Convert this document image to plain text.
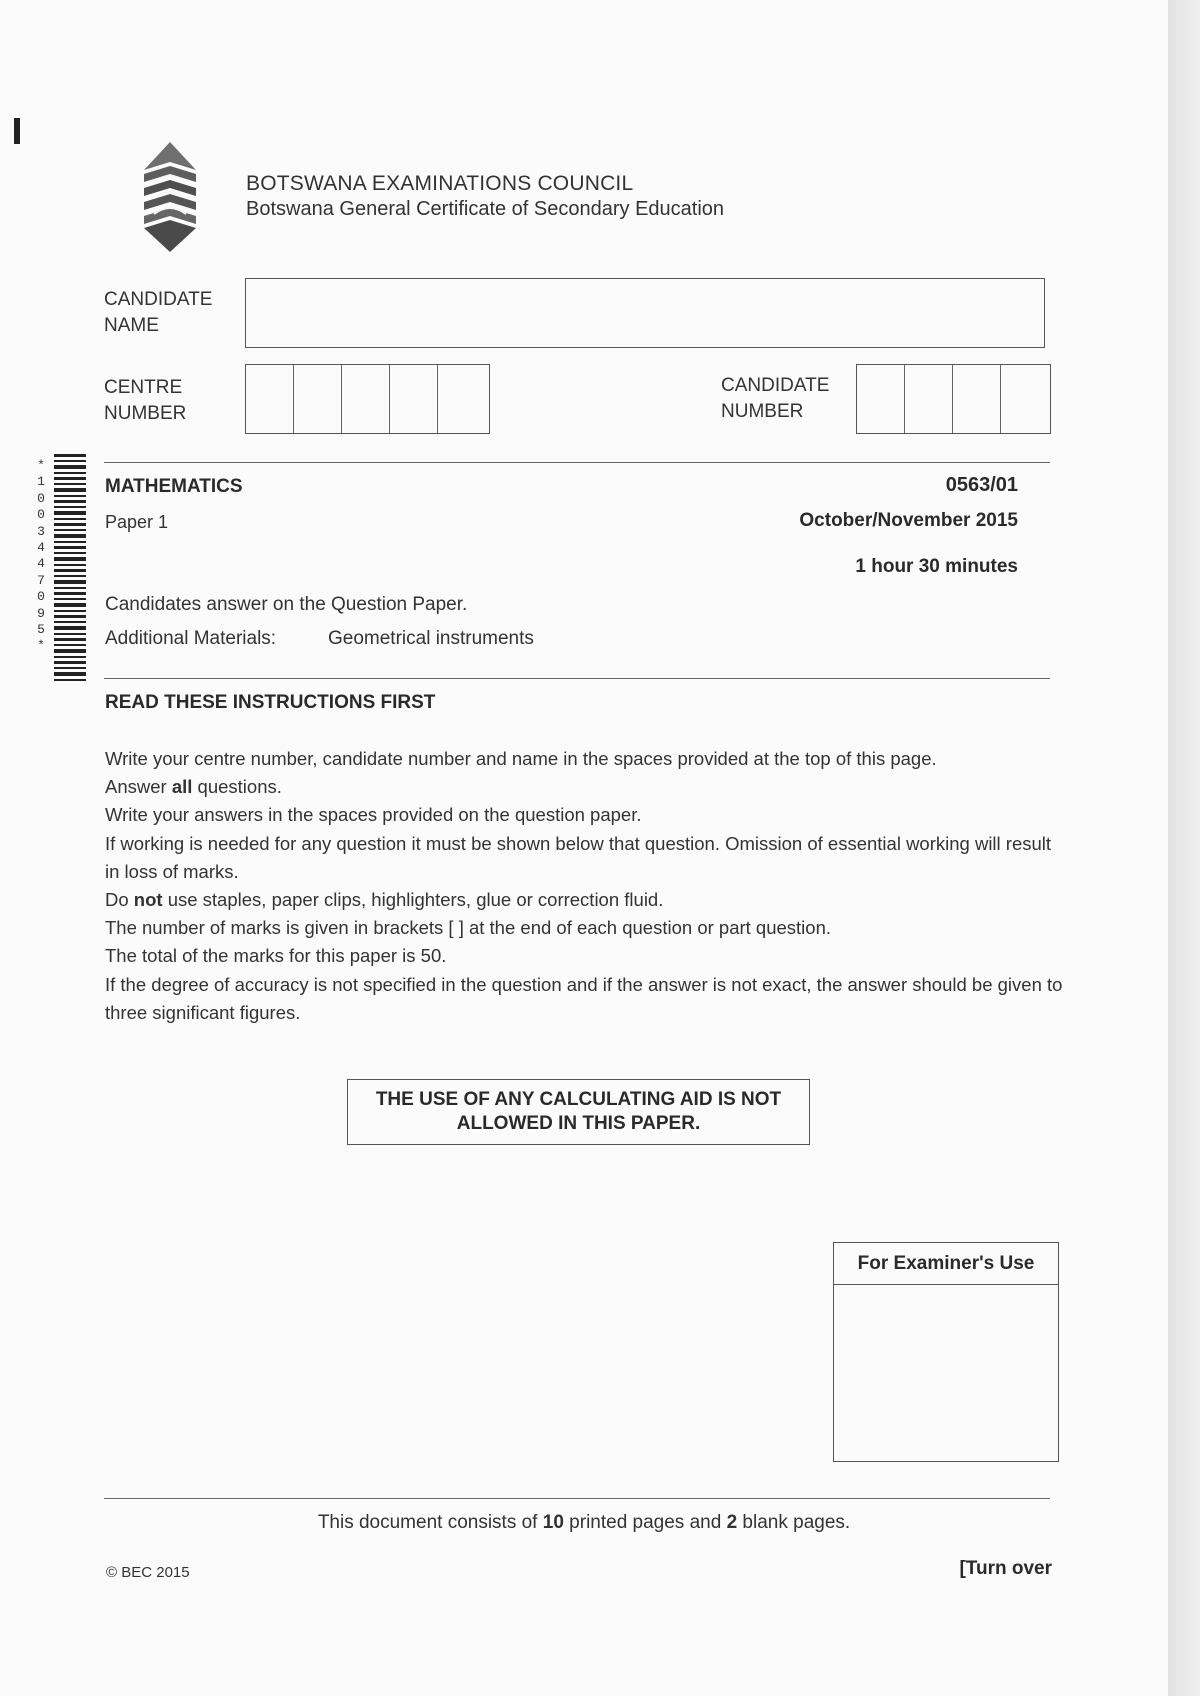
BOTSWANA EXAMINATIONS COUNCIL
Botswana General Certificate of Secondary Education
CANDIDATE
NAME
CENTRE
NUMBER
CANDIDATE
NUMBER
*
1
0
0
3
4
4
7
0
9
5
*
MATHEMATICS
Paper 1
0563/01
October/November 2015
1 hour 30 minutes
Candidates answer on the Question Paper.
Additional Materials:	Geometrical instruments
READ THESE INSTRUCTIONS FIRST

Write your centre number, candidate number and name in the spaces provided at the top of this page.

Answer all questions.

Write your answers in the spaces provided on the question paper.

If working is needed for any question it must be shown below that question. Omission of essential working will result in loss of marks.

Do not use staples, paper clips, highlighters, glue or correction fluid.

The number of marks is given in brackets [ ] at the end of each question or part question.

The total of the marks for this paper is 50.

If the degree of accuracy is not specified in the question and if the answer is not exact, the answer should be given to three significant figures.

THE USE OF ANY CALCULATING AID IS NOT
ALLOWED IN THIS PAPER.
For Examiner's Use
This document consists of 10 printed pages and 2 blank pages.
© BEC 2015	[Turn over
